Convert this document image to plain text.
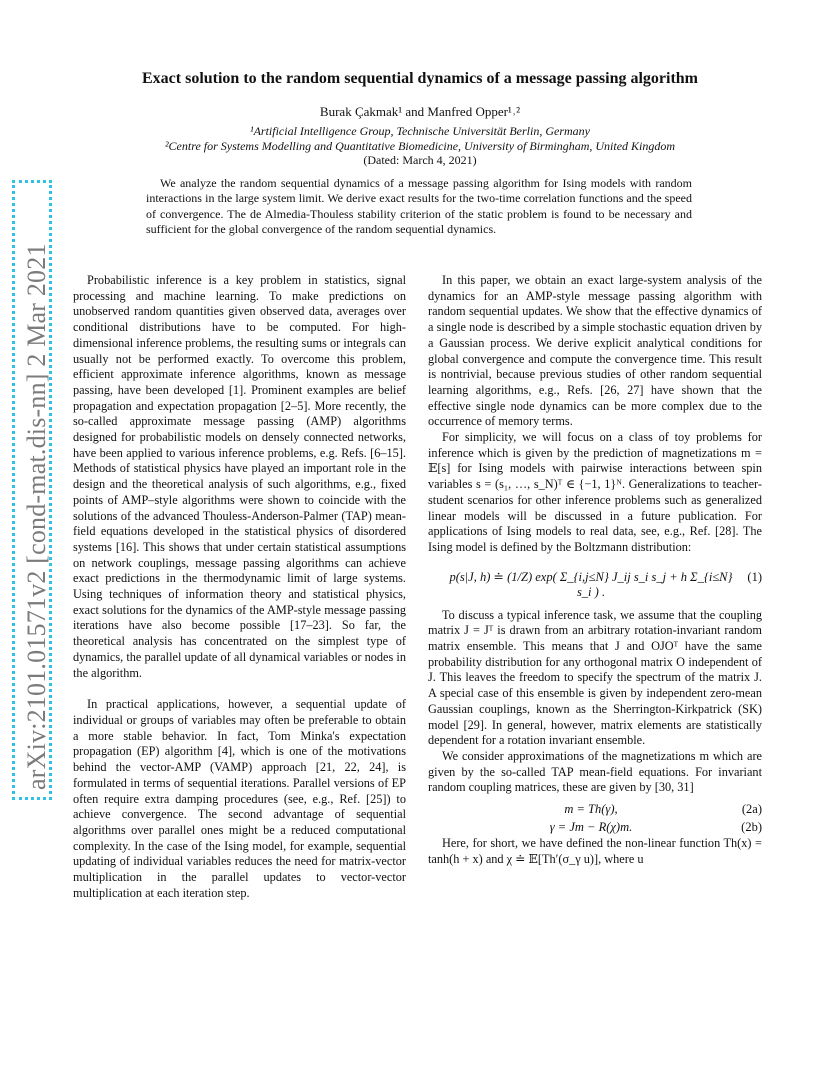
arXiv:2101.01571v2 [cond-mat.dis-nn] 2 Mar 2021
Exact solution to the random sequential dynamics of a message passing algorithm
Burak Çakmak¹ and Manfred Opper¹˒²
¹Artificial Intelligence Group, Technische Universität Berlin, Germany
²Centre for Systems Modelling and Quantitative Biomedicine, University of Birmingham, United Kingdom
(Dated: March 4, 2021)
We analyze the random sequential dynamics of a message passing algorithm for Ising models with random interactions in the large system limit. We derive exact results for the two-time correlation functions and the speed of convergence. The de Almedia-Thouless stability criterion of the static problem is found to be necessary and sufficient for the global convergence of the random sequential dynamics.

Probabilistic inference is a key problem in statistics, signal processing and machine learning. To make predictions on unobserved random quantities given observed data, averages over conditional distributions have to be computed. For high-dimensional inference problems, the resulting sums or integrals can usually not be performed exactly. To overcome this problem, efficient approximate inference algorithms, known as message passing, have been developed [1]. Prominent examples are belief propagation and expectation propagation [2–5]. More recently, the so-called approximate message passing (AMP) algorithms designed for probabilistic models on densely connected networks, have been applied to various inference problems, e.g. Refs. [6–15]. Methods of statistical physics have played an important role in the design and the theoretical analysis of such algorithms, e.g., fixed points of AMP–style algorithms were shown to coincide with the solutions of the advanced Thouless-Anderson-Palmer (TAP) mean-field equations developed in the statistical physics of disordered systems [16]. This shows that under certain statistical assumptions on network couplings, message passing algorithms can achieve exact predictions in the thermodynamic limit of large systems. Using techniques of information theory and statistical physics, exact solutions for the dynamics of the AMP-style message passing iterations have also become possible [17–23]. So far, the theoretical analysis has concentrated on the simplest type of dynamics, the parallel update of all dynamical variables or nodes in the algorithm.

In practical applications, however, a sequential update of individual or groups of variables may often be preferable to obtain a more stable behavior. In fact, Tom Minka's expectation propagation (EP) algorithm [4], which is one of the motivations behind the vector-AMP (VAMP) approach [21, 22, 24], is formulated in terms of sequential iterations. Parallel versions of EP often require extra damping procedures (see, e.g., Ref. [25]) to achieve convergence. The second advantage of sequential algorithms over parallel ones might be a reduced computational complexity. In the case of the Ising model, for example, sequential updating of individual variables reduces the need for matrix-vector multiplication in the parallel updates to vector-vector multiplication at each iteration step.

In this paper, we obtain an exact large-system analysis of the dynamics for an AMP-style message passing algorithm with random sequential updates. We show that the effective dynamics of a single node is described by a simple stochastic equation driven by a Gaussian process. We derive explicit analytical conditions for global convergence and compute the convergence time. This result is nontrivial, because previous studies of other random sequential learning algorithms, e.g., Refs. [26, 27] have shown that the effective single node dynamics can be more complex due to the occurrence of memory terms.

For simplicity, we will focus on a class of toy problems for inference which is given by the prediction of magnetizations m = 𝔼[s] for Ising models with pairwise interactions between spin variables s = (s₁, …, s_N)ᵀ ∈ {−1, 1}ᴺ. Generalizations to teacher-student scenarios for other inference problems such as generalized linear models will be discussed in a future publication. For applications of Ising models to real data, see, e.g., Ref. [28]. The Ising model is defined by the Boltzmann distribution:

p(s|J, h) ≐ (1/Z) exp( Σ_{i,j≤N} J_ij s_i s_j + h Σ_{i≤N} s_i ) .
(1)

To discuss a typical inference task, we assume that the coupling matrix J = Jᵀ is drawn from an arbitrary rotation-invariant random matrix ensemble. This means that J and OJOᵀ have the same probability distribution for any orthogonal matrix O independent of J. This leaves the freedom to specify the spectrum of the matrix J. A special case of this ensemble is given by independent zero-mean Gaussian couplings, known as the Sherrington-Kirkpatrick (SK) model [29]. In general, however, matrix elements are statistically dependent for a rotation invariant ensemble.

We consider approximations of the magnetizations m which are given by the so-called TAP mean-field equations. For invariant random coupling matrices, these are given by [30, 31]

m = Th(γ),	(2a)
γ = Jm − R(χ)m.	(2b)

Here, for short, we have defined the non-linear function Th(x) = tanh(h + x) and χ ≐ 𝔼[Th′(σ_γ u)], where u
